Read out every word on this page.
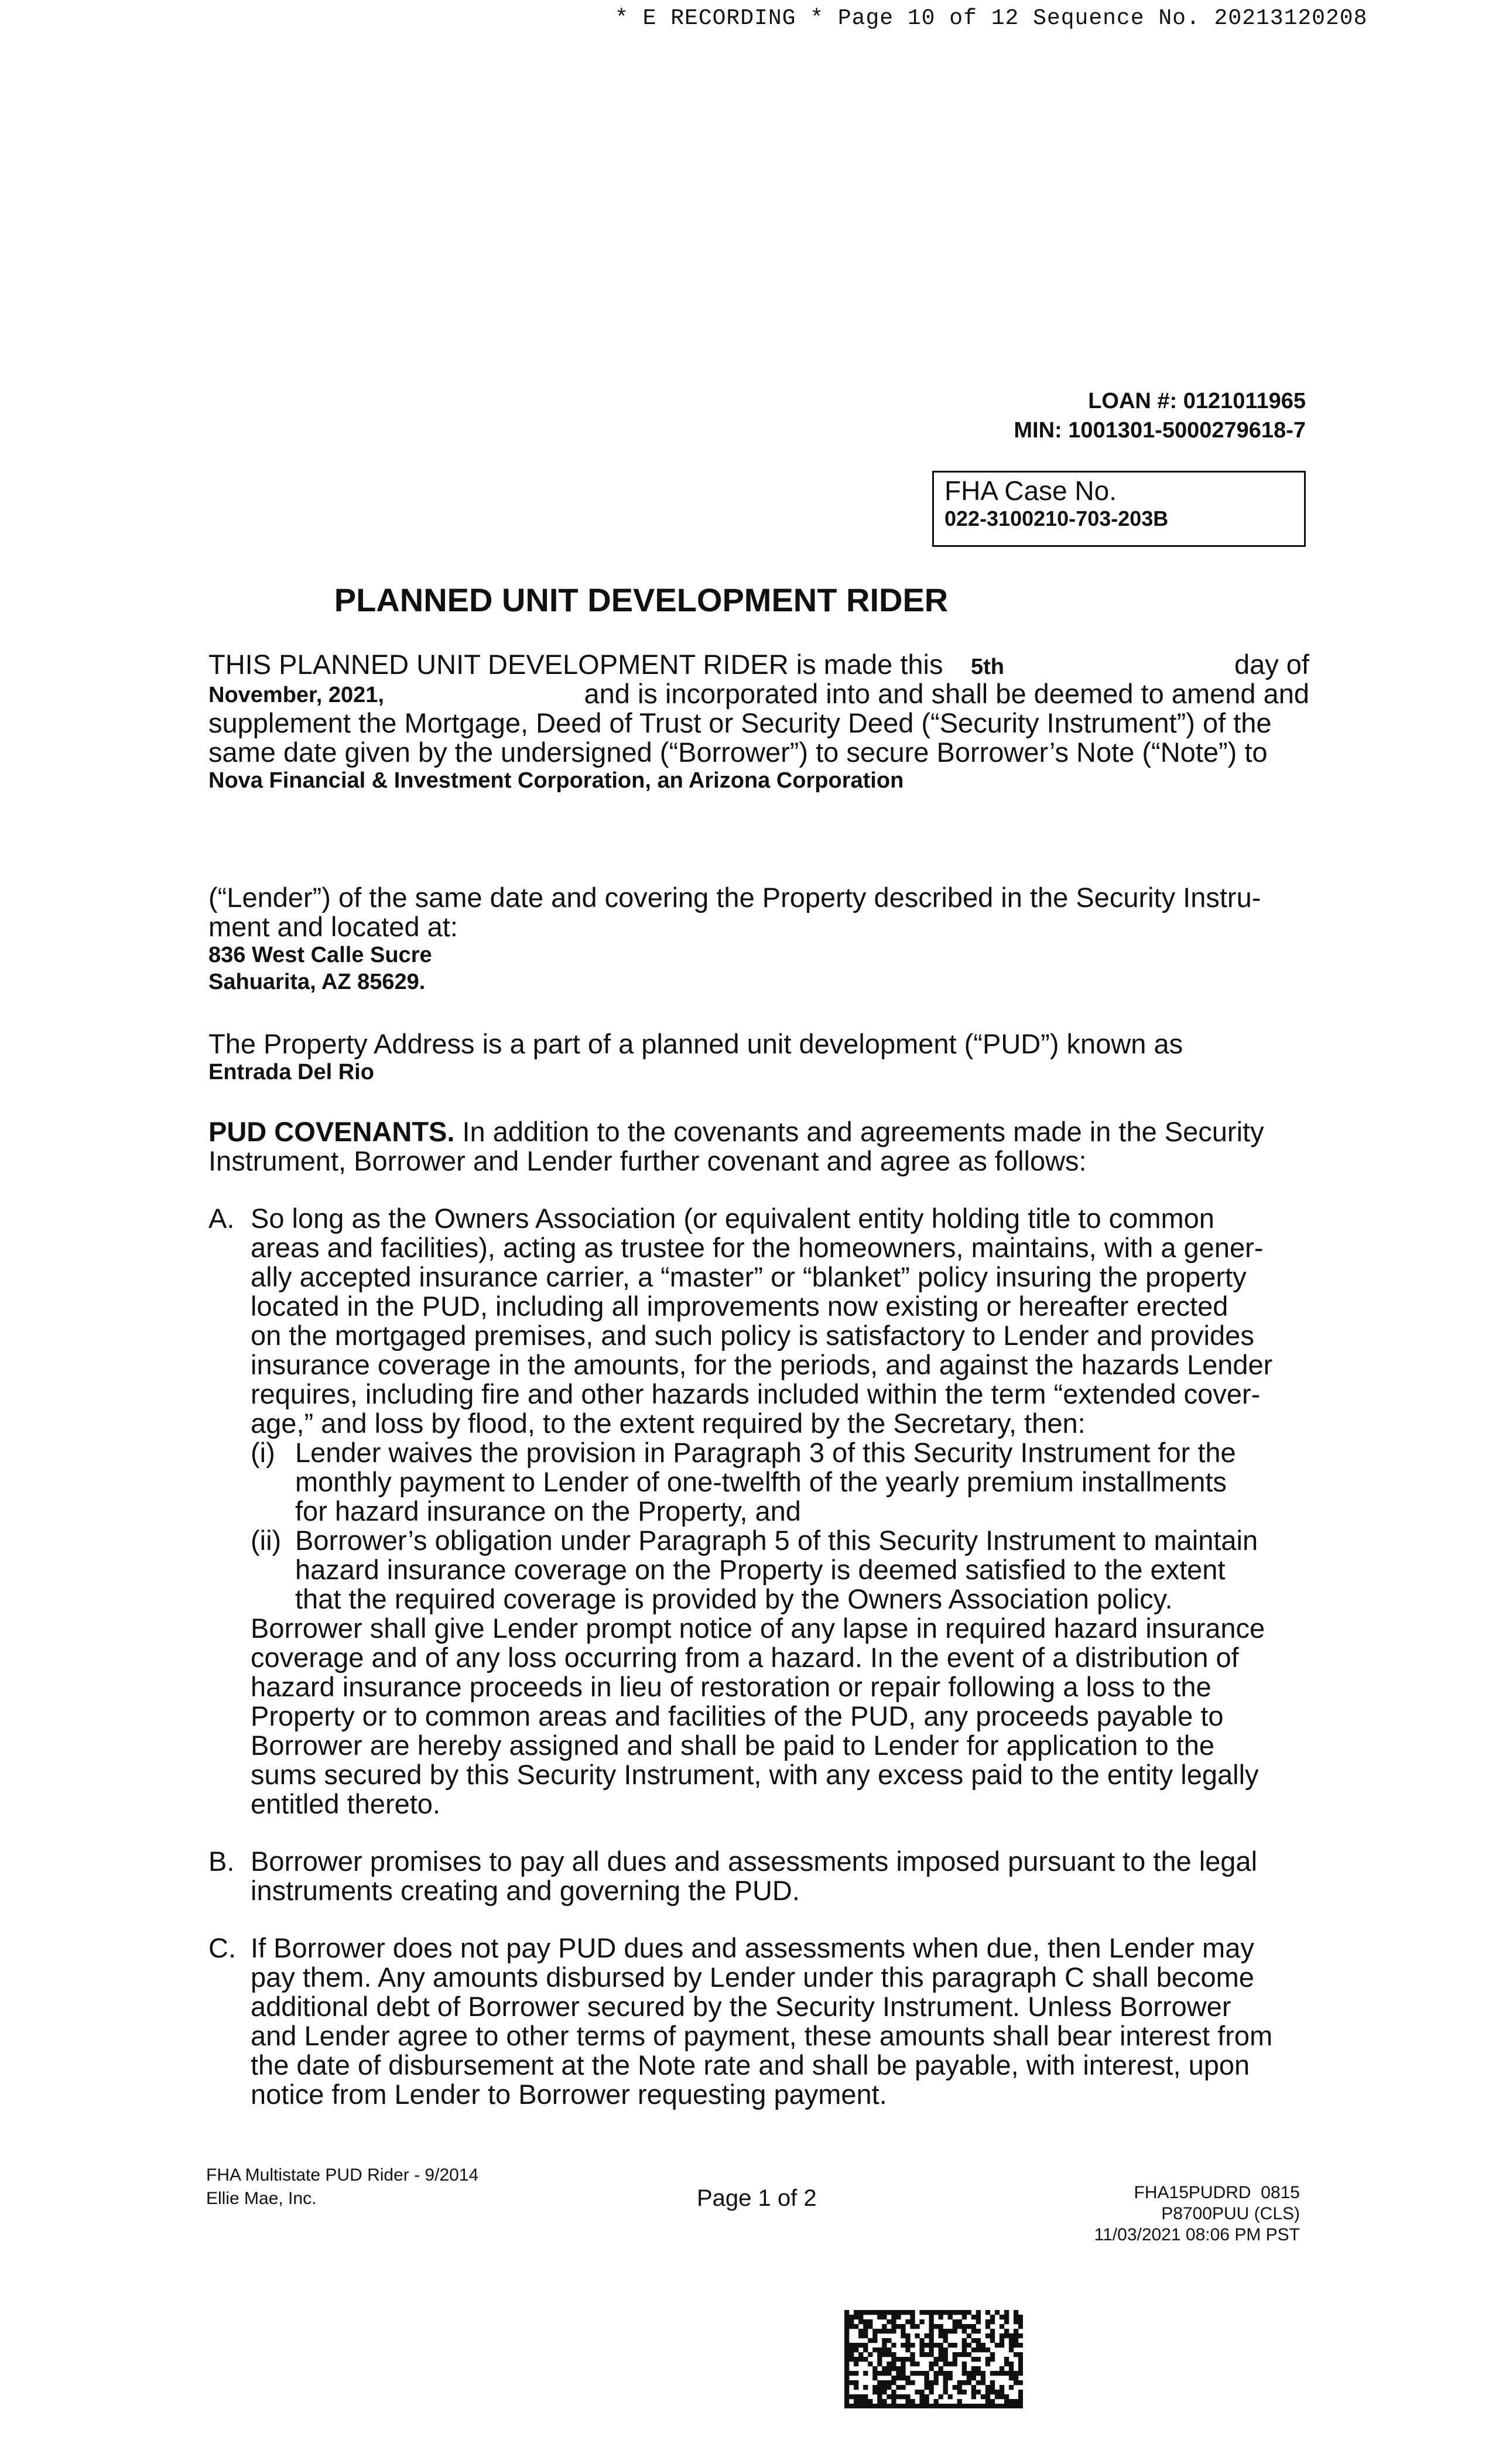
* E RECORDING * Page 10 of 12 Sequence No. 20213120208
LOAN #: 0121011965
MIN: 1001301-5000279618-7
FHA Case No.
022-3100210-703-203B
PLANNED UNIT DEVELOPMENT RIDER
THIS PLANNED UNIT DEVELOPMENT RIDER is made this 5th	day of
November, 2021,	and is incorporated into and shall be deemed to amend and
supplement the Mortgage, Deed of Trust or Security Deed (“Security Instrument”) of the
same date given by the undersigned (“Borrower”) to secure Borrower’s Note (“Note”) to
Nova Financial & Investment Corporation, an Arizona Corporation
(“Lender”) of the same date and covering the Property described in the Security Instru-
ment and located at:
836 West Calle Sucre
Sahuarita, AZ 85629.
The Property Address is a part of a planned unit development (“PUD”) known as
Entrada Del Rio
PUD COVENANTS. In addition to the covenants and agreements made in the Security
Instrument, Borrower and Lender further covenant and agree as follows:
A. So long as the Owners Association (or equivalent entity holding title to common
areas and facilities), acting as trustee for the homeowners, maintains, with a gener-
ally accepted insurance carrier, a “master” or “blanket” policy insuring the property
located in the PUD, including all improvements now existing or hereafter erected
on the mortgaged premises, and such policy is satisfactory to Lender and provides
insurance coverage in the amounts, for the periods, and against the hazards Lender
requires, including fire and other hazards included within the term “extended cover-
age,” and loss by flood, to the extent required by the Secretary, then:
(i) Lender waives the provision in Paragraph 3 of this Security Instrument for the
monthly payment to Lender of one-twelfth of the yearly premium installments
for hazard insurance on the Property, and
(ii) Borrower’s obligation under Paragraph 5 of this Security Instrument to maintain
hazard insurance coverage on the Property is deemed satisfied to the extent
that the required coverage is provided by the Owners Association policy.
Borrower shall give Lender prompt notice of any lapse in required hazard insurance
coverage and of any loss occurring from a hazard. In the event of a distribution of
hazard insurance proceeds in lieu of restoration or repair following a loss to the
Property or to common areas and facilities of the PUD, any proceeds payable to
Borrower are hereby assigned and shall be paid to Lender for application to the
sums secured by this Security Instrument, with any excess paid to the entity legally
entitled thereto.
B. Borrower promises to pay all dues and assessments imposed pursuant to the legal
instruments creating and governing the PUD.
C. If Borrower does not pay PUD dues and assessments when due, then Lender may
pay them. Any amounts disbursed by Lender under this paragraph C shall become
additional debt of Borrower secured by the Security Instrument. Unless Borrower
and Lender agree to other terms of payment, these amounts shall bear interest from
the date of disbursement at the Note rate and shall be payable, with interest, upon
notice from Lender to Borrower requesting payment.
FHA Multistate PUD Rider - 9/2014
Ellie Mae, Inc.	Page 1 of 2	FHA15PUDRD  0815
P8700PUU (CLS)
11/03/2021 08:06 PM PST
